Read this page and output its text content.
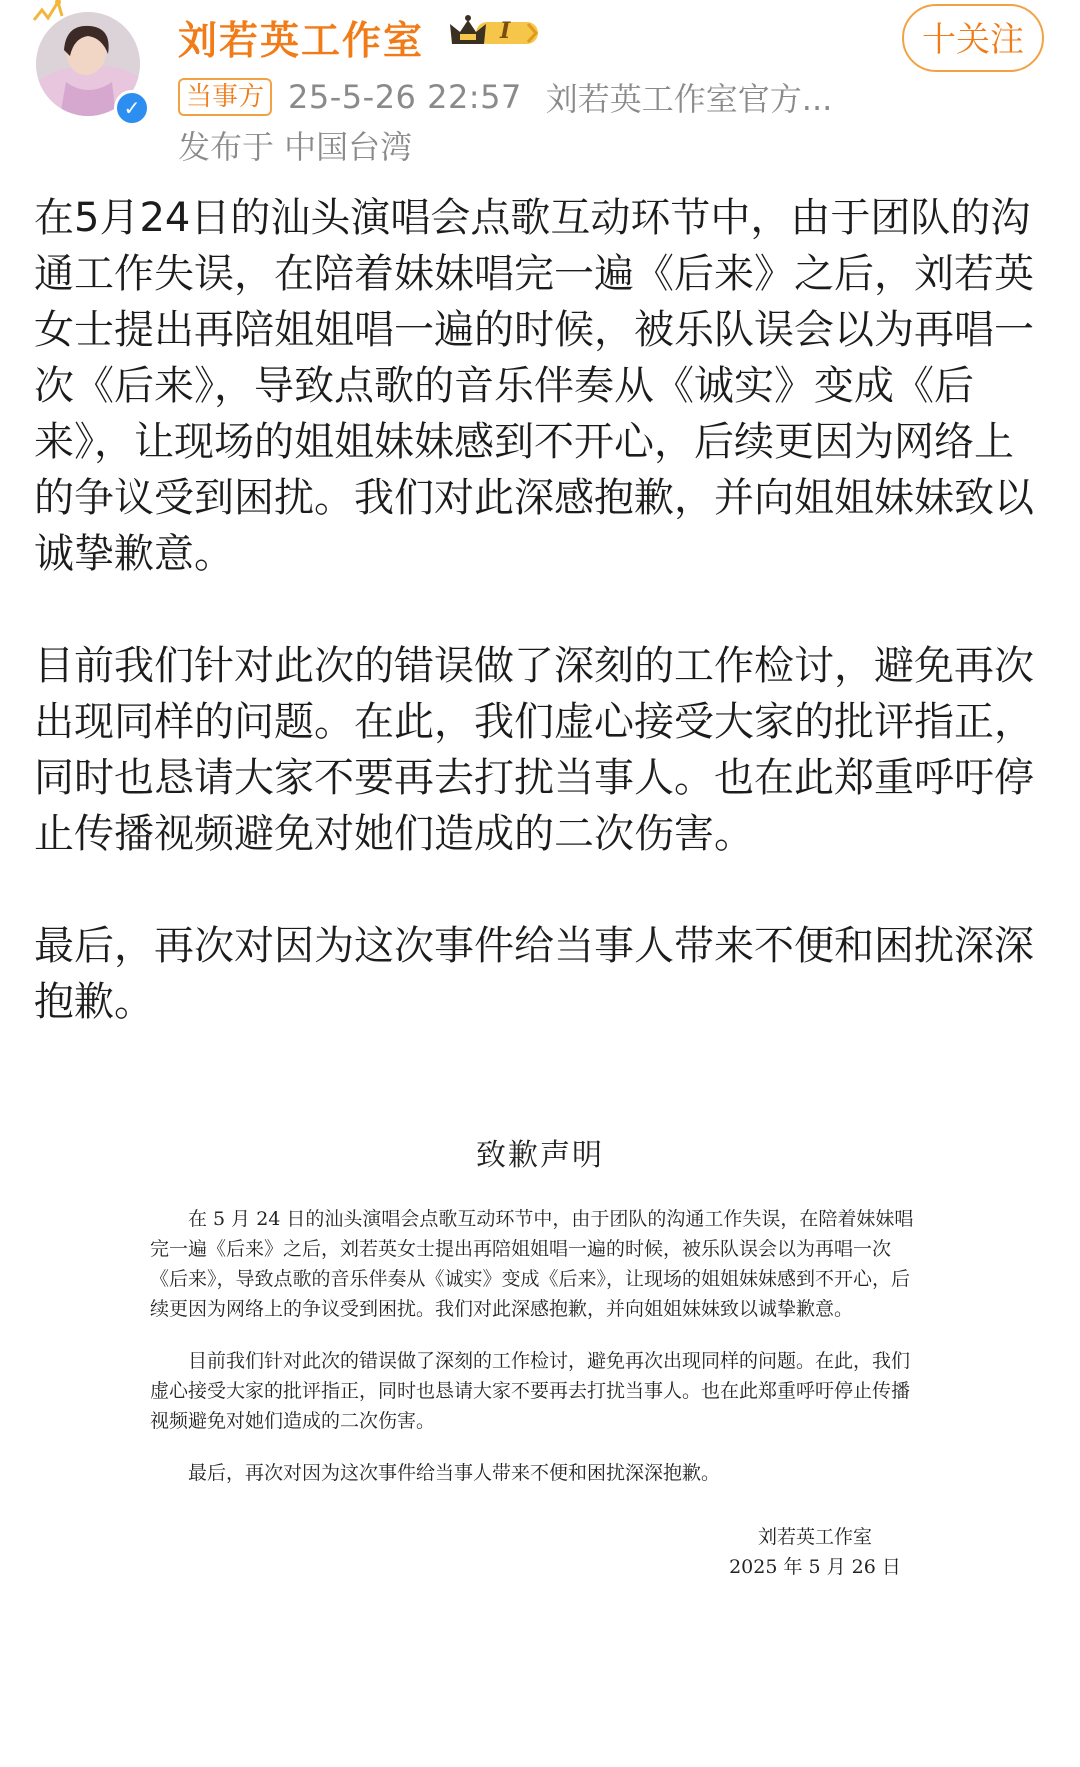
✓
刘若英工作室	I	十关注
当事方 25-5-26 22:57 刘若英工作室官方...
发布于 中国台湾

在5月24日的汕头演唱会点歌互动环节中，由于团队的沟通工作失误，在陪着妹妹唱完一遍《后来》之后，刘若英女士提出再陪姐姐唱一遍的时候，被乐队误会以为再唱一次《后来》，导致点歌的音乐伴奏从《诚实》变成《后来》，让现场的姐姐妹妹感到不开心，后续更因为网络上的争议受到困扰。我们对此深感抱歉，并向姐姐妹妹致以诚挚歉意。

目前我们针对此次的错误做了深刻的工作检讨，避免再次出现同样的问题。在此，我们虚心接受大家的批评指正，同时也恳请大家不要再去打扰当事人。也在此郑重呼吁停止传播视频避免对她们造成的二次伤害。

最后，再次对因为这次事件给当事人带来不便和困扰深深抱歉。

致歉声明

在 5 月 24 日的汕头演唱会点歌互动环节中，由于团队的沟通工作失误，在陪着妹妹唱完一遍《后来》之后，刘若英女士提出再陪姐姐唱一遍的时候，被乐队误会以为再唱一次《后来》，导致点歌的音乐伴奏从《诚实》变成《后来》，让现场的姐姐妹妹感到不开心，后续更因为网络上的争议受到困扰。我们对此深感抱歉，并向姐姐妹妹致以诚挚歉意。

目前我们针对此次的错误做了深刻的工作检讨，避免再次出现同样的问题。在此，我们虚心接受大家的批评指正，同时也恳请大家不要再去打扰当事人。也在此郑重呼吁停止传播视频避免对她们造成的二次伤害。

最后，再次对因为这次事件给当事人带来不便和困扰深深抱歉。

刘若英工作室
2025 年 5 月 26 日
